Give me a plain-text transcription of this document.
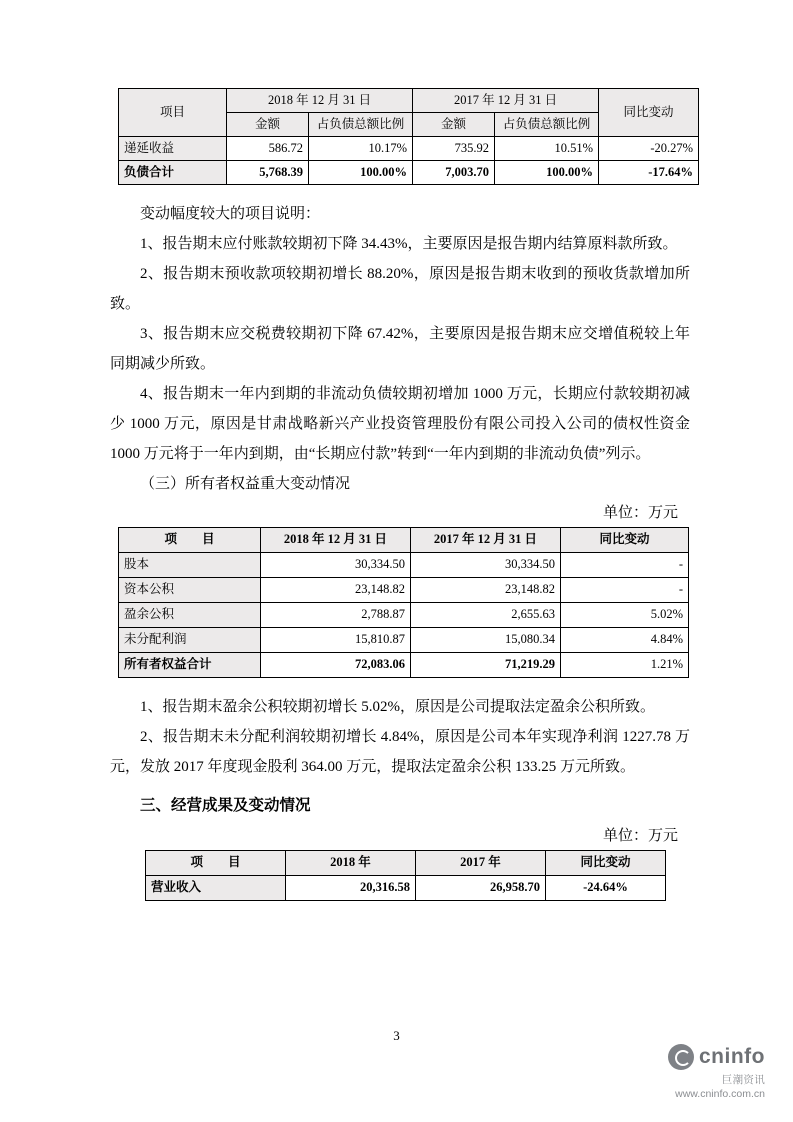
项目	2018 年 12 月 31 日		2017 年 12 月 31 日		同比变动
	金额	占负债总额比例	金额	占负债总额比例	
递延收益	586.72	10.17%	735.92	10.51%	-20.27%
负债合计	5,768.39	100.00%	7,003.70	100.00%	-17.64%

变动幅度较大的项目说明：

1、报告期末应付账款较期初下降 34.43%，主要原因是报告期内结算原料款所致。

2、报告期末预收款项较期初增长 88.20%，原因是报告期末收到的预收货款增加所致。

3、报告期末应交税费较期初下降 67.42%，主要原因是报告期末应交增值税较上年同期减少所致。

4、报告期末一年内到期的非流动负债较期初增加 1000 万元，长期应付款较期初减少 1000 万元，原因是甘肃战略新兴产业投资管理股份有限公司投入公司的债权性资金 1000 万元将于一年内到期，由“长期应付款”转到“一年内到期的非流动负债”列示。

（三）所有者权益重大变动情况

单位：万元

项　　目	2018 年 12 月 31 日	2017 年 12 月 31 日	同比变动
股本	30,334.50	30,334.50	-
资本公积	23,148.82	23,148.82	-
盈余公积	2,788.87	2,655.63	5.02%
未分配利润	15,810.87	15,080.34	4.84%
所有者权益合计	72,083.06	71,219.29	1.21%

1、报告期末盈余公积较期初增长 5.02%，原因是公司提取法定盈余公积所致。

2、报告期末未分配利润较期初增长 4.84%，原因是公司本年实现净利润 1227.78 万元，发放 2017 年度现金股利 364.00 万元，提取法定盈余公积 133.25 万元所致。

三、经营成果及变动情况

单位：万元

项　　目	2018 年	2017 年	同比变动
营业收入	20,316.58	26,958.70	-24.64%
3
cninfo
巨潮资讯
www.cninfo.com.cn
